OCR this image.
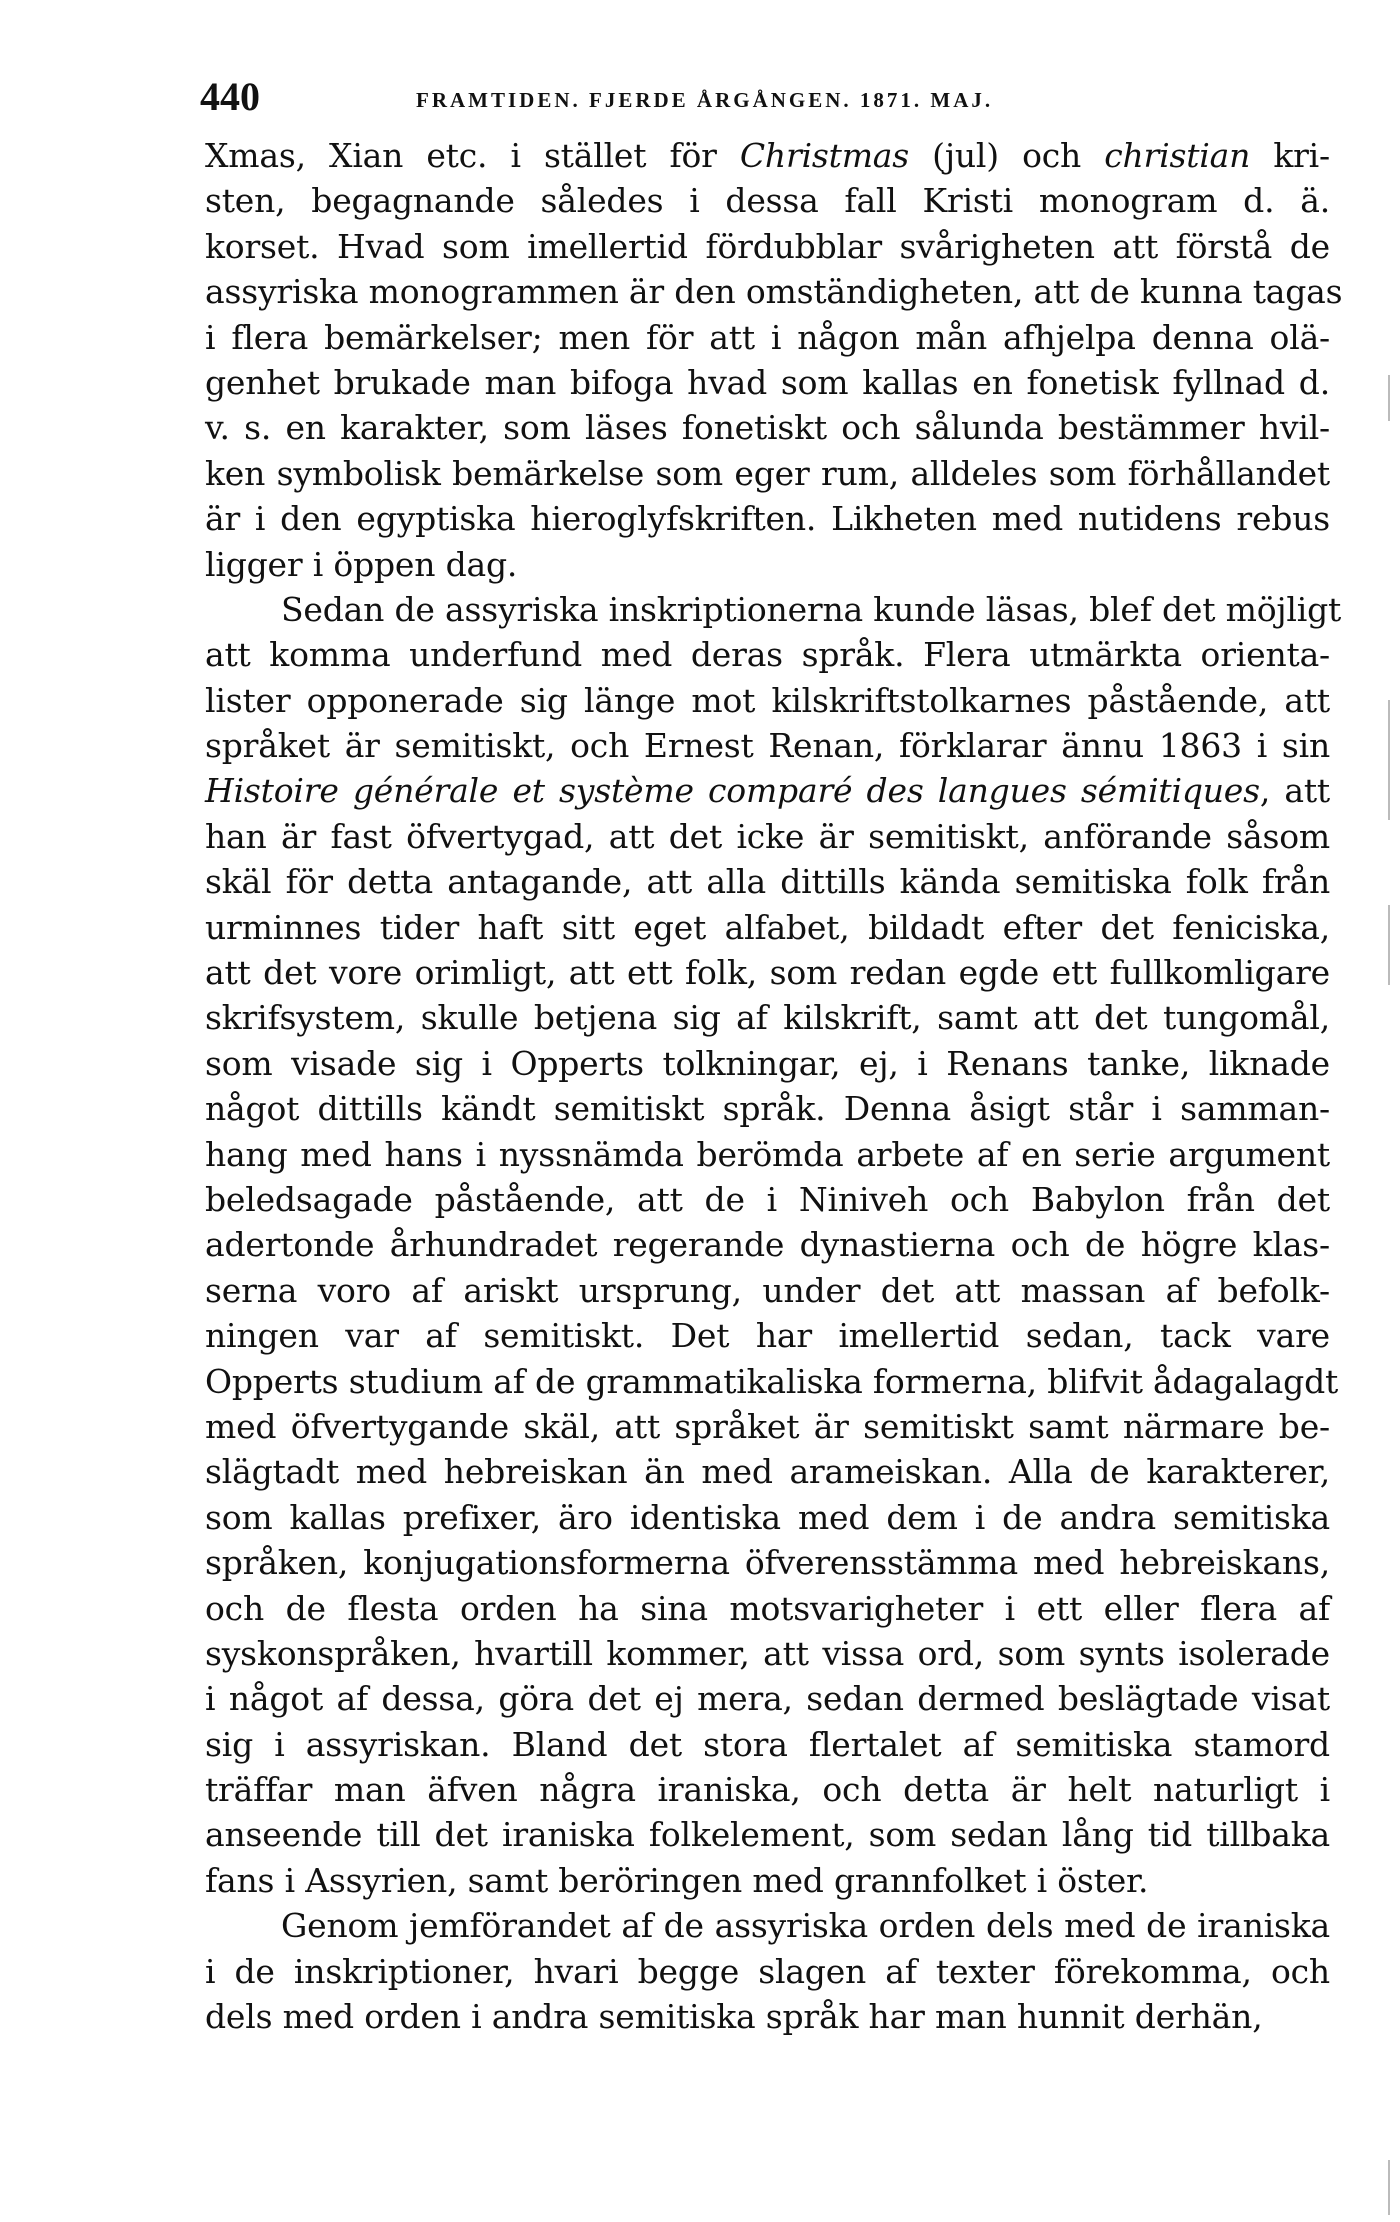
440	FRAMTIDEN. FJERDE ÅRGÅNGEN. 1871. MAJ.
Xmas, Xian etc. i stället för Christmas (jul) och christian kri-
sten, begagnande således i dessa fall Kristi monogram d. ä.
korset. Hvad som imellertid fördubblar svårigheten att förstå de
assyriska monogrammen är den omständigheten, att de kunna tagas
i flera bemärkelser; men för att i någon mån afhjelpa denna olä-
genhet brukade man bifoga hvad som kallas en fonetisk fyllnad d.
v. s. en karakter, som läses fonetiskt och sålunda bestämmer hvil-
ken symbolisk bemärkelse som eger rum, alldeles som förhållandet
är i den egyptiska hieroglyfskriften. Likheten med nutidens rebus
ligger i öppen dag.
Sedan de assyriska inskriptionerna kunde läsas, blef det möjligt
att komma underfund med deras språk. Flera utmärkta orienta-
lister opponerade sig länge mot kilskriftstolkarnes påstående, att
språket är semitiskt, och Ernest Renan, förklarar ännu 1863 i sin
Histoire générale et système comparé des langues sémitiques, att
han är fast öfvertygad, att det icke är semitiskt, anförande såsom
skäl för detta antagande, att alla dittills kända semitiska folk från
urminnes tider haft sitt eget alfabet, bildadt efter det feniciska,
att det vore orimligt, att ett folk, som redan egde ett fullkomligare
skrifsystem, skulle betjena sig af kilskrift, samt att det tungomål,
som visade sig i Opperts tolkningar, ej, i Renans tanke, liknade
något dittills kändt semitiskt språk. Denna åsigt står i samman-
hang med hans i nyssnämda berömda arbete af en serie argument
beledsagade påstående, att de i Niniveh och Babylon från det
adertonde århundradet regerande dynastierna och de högre klas-
serna voro af ariskt ursprung, under det att massan af befolk-
ningen var af semitiskt. Det har imellertid sedan, tack vare
Opperts studium af de grammatikaliska formerna, blifvit ådagalagdt
med öfvertygande skäl, att språket är semitiskt samt närmare be-
slägtadt med hebreiskan än med arameiskan. Alla de karakterer,
som kallas prefixer, äro identiska med dem i de andra semitiska
språken, konjugationsformerna öfverensstämma med hebreiskans,
och de flesta orden ha sina motsvarigheter i ett eller flera af
syskonspråken, hvartill kommer, att vissa ord, som synts isolerade
i något af dessa, göra det ej mera, sedan dermed beslägtade visat
sig i assyriskan. Bland det stora flertalet af semitiska stamord
träffar man äfven några iraniska, och detta är helt naturligt i
anseende till det iraniska folkelement, som sedan lång tid tillbaka
fans i Assyrien, samt beröringen med grannfolket i öster.
Genom jemförandet af de assyriska orden dels med de iraniska
i de inskriptioner, hvari begge slagen af texter förekomma, och
dels med orden i andra semitiska språk har man hunnit derhän,
